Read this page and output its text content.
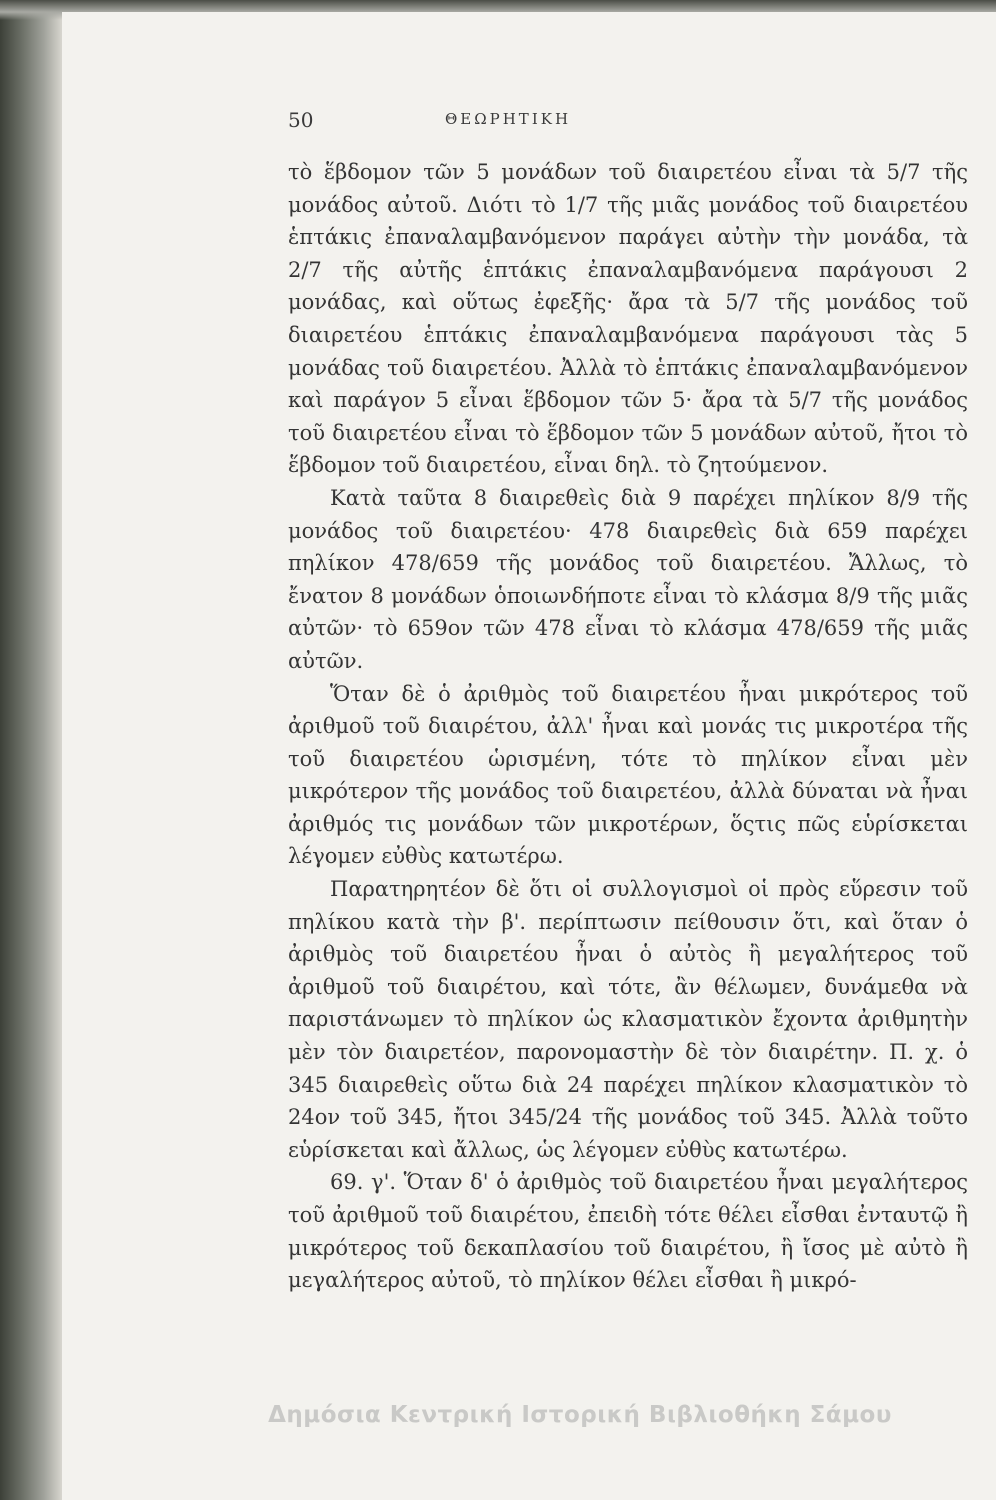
50	ΘΕΩΡΗΤΙΚΗ

τὸ ἕβδομον τῶν 5 μονάδων τοῦ διαιρετέου εἶναι τὰ 5/7 τῆς μονάδος αὐτοῦ. Διότι τὸ 1/7 τῆς μιᾶς μονάδος τοῦ διαιρετέου ἑπτάκις ἐπαναλαμβανόμενον παράγει αὐτὴν τὴν μονάδα, τὰ 2/7 τῆς αὐτῆς ἑπτάκις ἐπαναλαμβανόμενα παράγουσι 2 μονάδας, καὶ οὕτως ἐφεξῆς· ἄρα τὰ 5/7 τῆς μονάδος τοῦ διαιρετέου ἑπτάκις ἐπαναλαμβανόμενα παράγουσι τὰς 5 μονάδας τοῦ διαιρετέου. Ἀλλὰ τὸ ἑπτάκις ἐπαναλαμβανόμενον καὶ παράγον 5 εἶναι ἕβδομον τῶν 5· ἄρα τὰ 5/7 τῆς μονάδος τοῦ διαιρετέου εἶναι τὸ ἕβδομον τῶν 5 μονάδων αὐτοῦ, ἤτοι τὸ ἕβδομον τοῦ διαιρετέου, εἶναι δηλ. τὸ ζητούμενον.

Κατὰ ταῦτα 8 διαιρεθεὶς διὰ 9 παρέχει πηλίκον 8/9 τῆς μονάδος τοῦ διαιρετέου· 478 διαιρεθεὶς διὰ 659 παρέχει πηλίκον 478/659 τῆς μονάδος τοῦ διαιρετέου. Ἄλλως, τὸ ἔνατον 8 μονάδων ὁποιωνδήποτε εἶναι τὸ κλάσμα 8/9 τῆς μιᾶς αὐτῶν· τὸ 659ον τῶν 478 εἶναι τὸ κλάσμα 478/659 τῆς μιᾶς αὐτῶν.

Ὅταν δὲ ὁ ἀριθμὸς τοῦ διαιρετέου ἦναι μικρότερος τοῦ ἀριθμοῦ τοῦ διαιρέτου, ἀλλ' ἦναι καὶ μονάς τις μικροτέρα τῆς τοῦ διαιρετέου ὡρισμένη, τότε τὸ πηλίκον εἶναι μὲν μικρότερον τῆς μονάδος τοῦ διαιρετέου, ἀλλὰ δύναται νὰ ἦναι ἀριθμός τις μονάδων τῶν μικροτέρων, ὅςτις πῶς εὑρίσκεται λέγομεν εὐθὺς κατωτέρω.

Παρατηρητέον δὲ ὅτι οἱ συλλογισμοὶ οἱ πρὸς εὕρεσιν τοῦ πηλίκου κατὰ τὴν β'. περίπτωσιν πείθουσιν ὅτι, καὶ ὅταν ὁ ἀριθμὸς τοῦ διαιρετέου ἦναι ὁ αὐτὸς ἢ μεγαλήτερος τοῦ ἀριθμοῦ τοῦ διαιρέτου, καὶ τότε, ἂν θέλωμεν, δυνάμεθα νὰ παριστάνωμεν τὸ πηλίκον ὡς κλασματικὸν ἔχοντα ἀριθμητὴν μὲν τὸν διαιρετέον, παρονομαστὴν δὲ τὸν διαιρέτην. Π. χ. ὁ 345 διαιρεθεὶς οὕτω διὰ 24 παρέχει πηλίκον κλασματικὸν τὸ 24ον τοῦ 345, ἤτοι 345/24 τῆς μονάδος τοῦ 345. Ἀλλὰ τοῦτο εὑρίσκεται καὶ ἄλλως, ὡς λέγομεν εὐθὺς κατωτέρω.

69. γ'. Ὅταν δ' ὁ ἀριθμὸς τοῦ διαιρετέου ἦναι μεγαλήτερος τοῦ ἀριθμοῦ τοῦ διαιρέτου, ἐπειδὴ τότε θέλει εἶσθαι ἐνταυτῷ ἢ μικρότερος τοῦ δεκαπλασίου τοῦ διαιρέτου, ἢ ἴσος μὲ αὐτὸ ἢ μεγαλήτερος αὐτοῦ, τὸ πηλίκον θέλει εἶσθαι ἢ μικρό-

Δημόσια Κεντρική Ιστορική Βιβλιοθήκη Σάμου
